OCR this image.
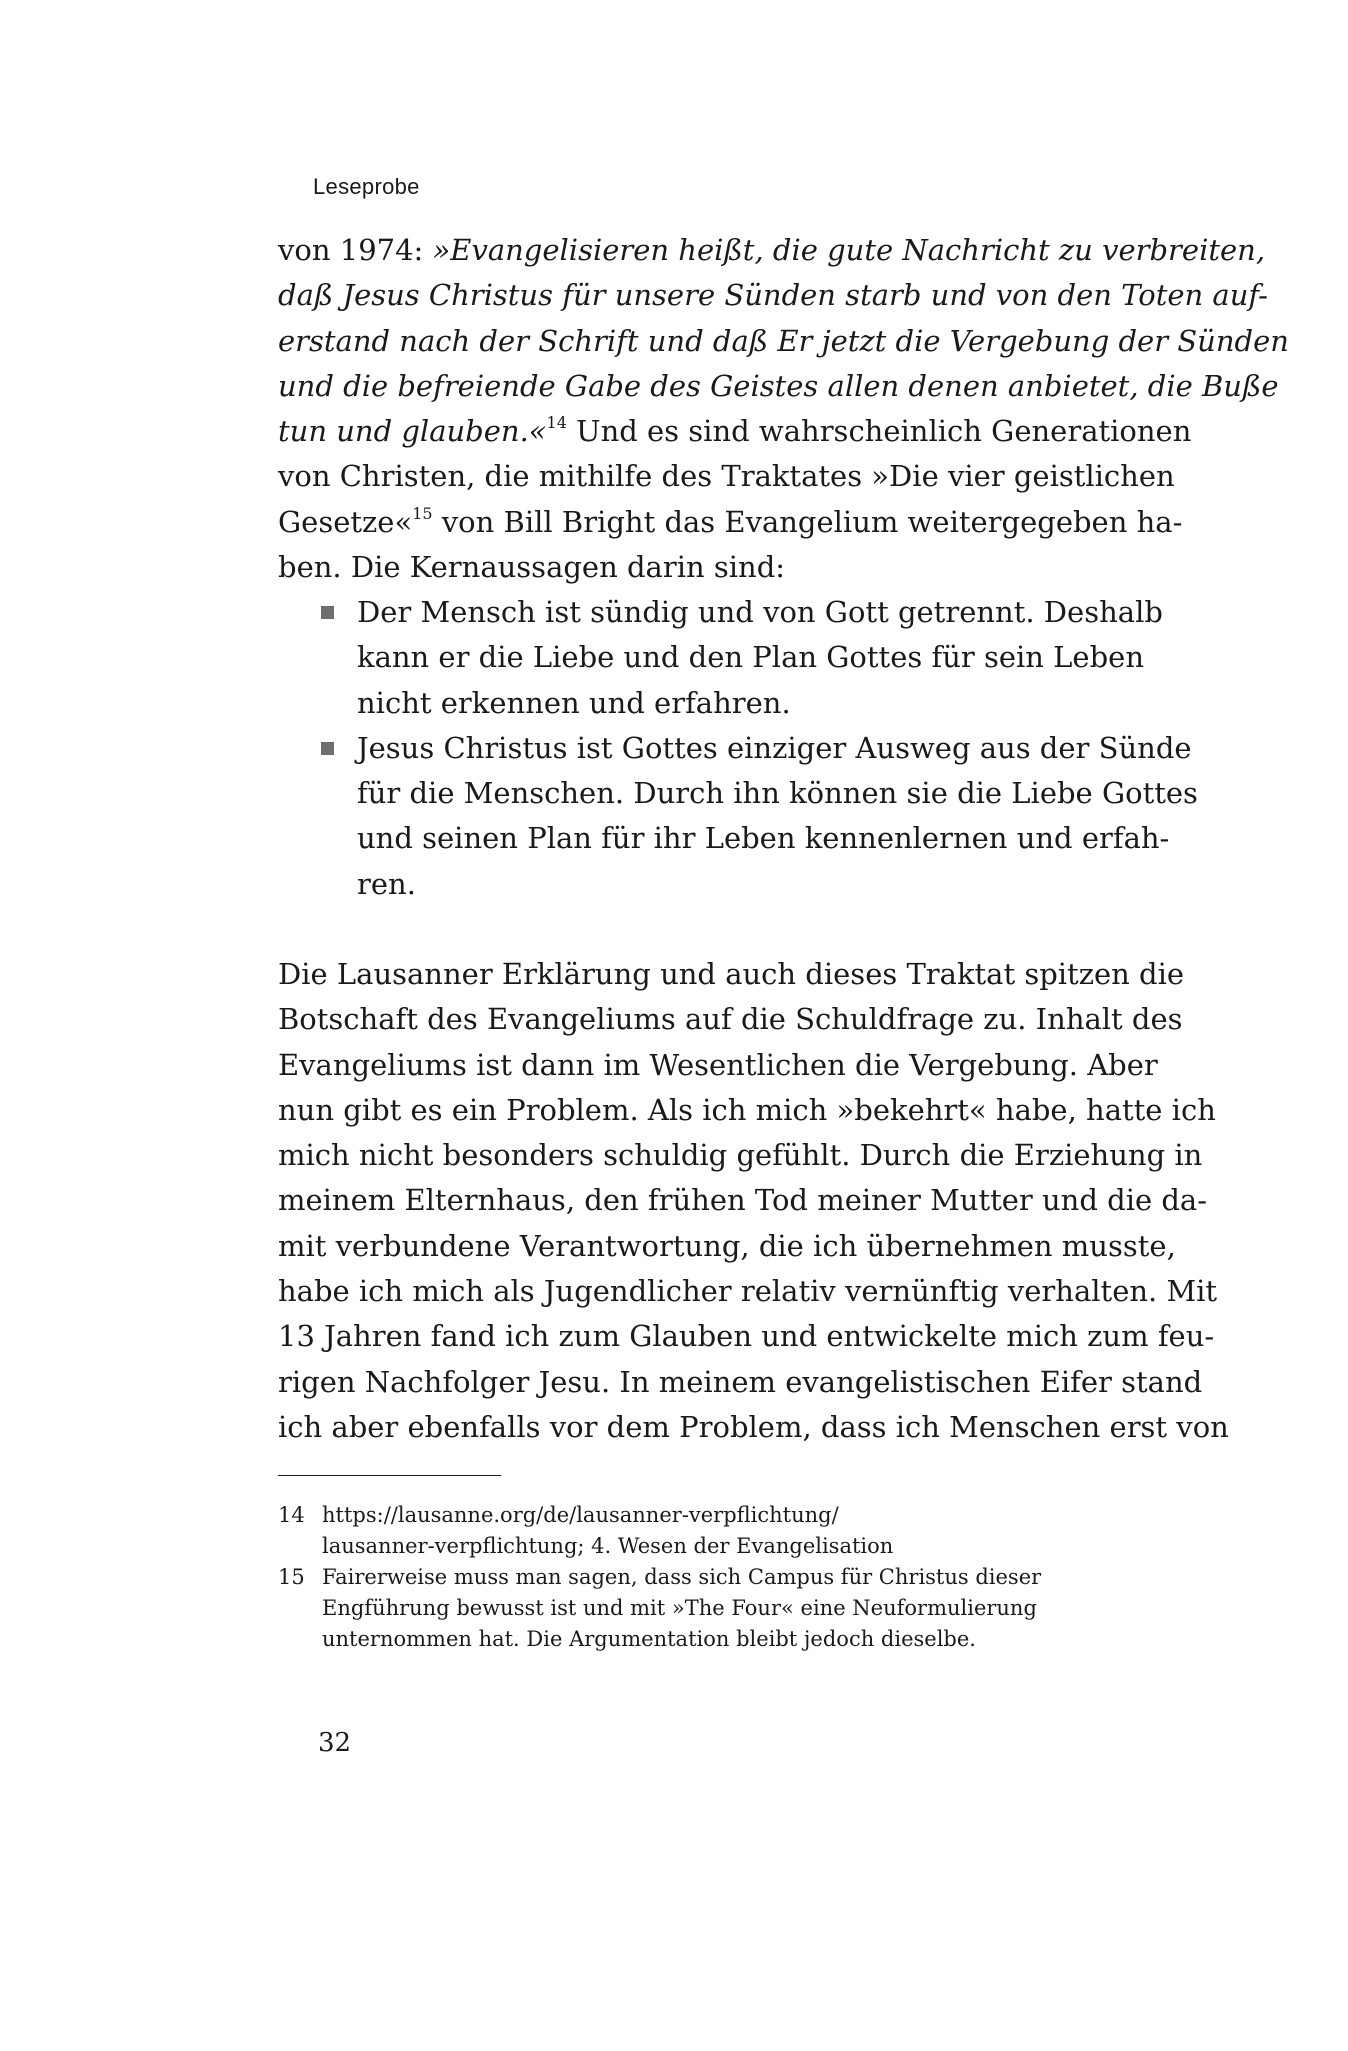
Leseprobe
von 1974: »Evangelisieren heißt, die gute Nachricht zu verbreiten,
daß Jesus Christus für unsere Sünden starb und von den Toten auf-
erstand nach der Schrift und daß Er jetzt die Vergebung der Sünden
und die befreiende Gabe des Geistes allen denen anbietet, die Buße
tun und glauben.«$^{14}$ Und es sind wahrscheinlich Generationen
von Christen, die mithilfe des Traktates »Die vier geistlichen
Gesetze«$^{15}$ von Bill Bright das Evangelium weitergegeben ha-
ben. Die Kernaussagen darin sind:
Der Mensch ist sündig und von Gott getrennt. Deshalb
kann er die Liebe und den Plan Gottes für sein Leben
nicht erkennen und erfahren.
Jesus Christus ist Gottes einziger Ausweg aus der Sünde
für die Menschen. Durch ihn können sie die Liebe Gottes
und seinen Plan für ihr Leben kennenlernen und erfah-
ren.
Die Lausanner Erklärung und auch dieses Traktat spitzen die
Botschaft des Evangeliums auf die Schuldfrage zu. Inhalt des
Evangeliums ist dann im Wesentlichen die Vergebung. Aber
nun gibt es ein Problem. Als ich mich »bekehrt« habe, hatte ich
mich nicht besonders schuldig gefühlt. Durch die Erziehung in
meinem Elternhaus, den frühen Tod meiner Mutter und die da-
mit verbundene Verantwortung, die ich übernehmen musste,
habe ich mich als Jugendlicher relativ vernünftig verhalten. Mit
13 Jahren fand ich zum Glauben und entwickelte mich zum feu-
rigen Nachfolger Jesu. In meinem evangelistischen Eifer stand
ich aber ebenfalls vor dem Problem, dass ich Menschen erst von
14 https://lausanne.org/de/lausanner-verpflichtung/
lausanner-verpflichtung; 4. Wesen der Evangelisation
15 Fairerweise muss man sagen, dass sich Campus für Christus dieser
Engführung bewusst ist und mit »The Four« eine Neuformulierung
unternommen hat. Die Argumentation bleibt jedoch dieselbe.
32
